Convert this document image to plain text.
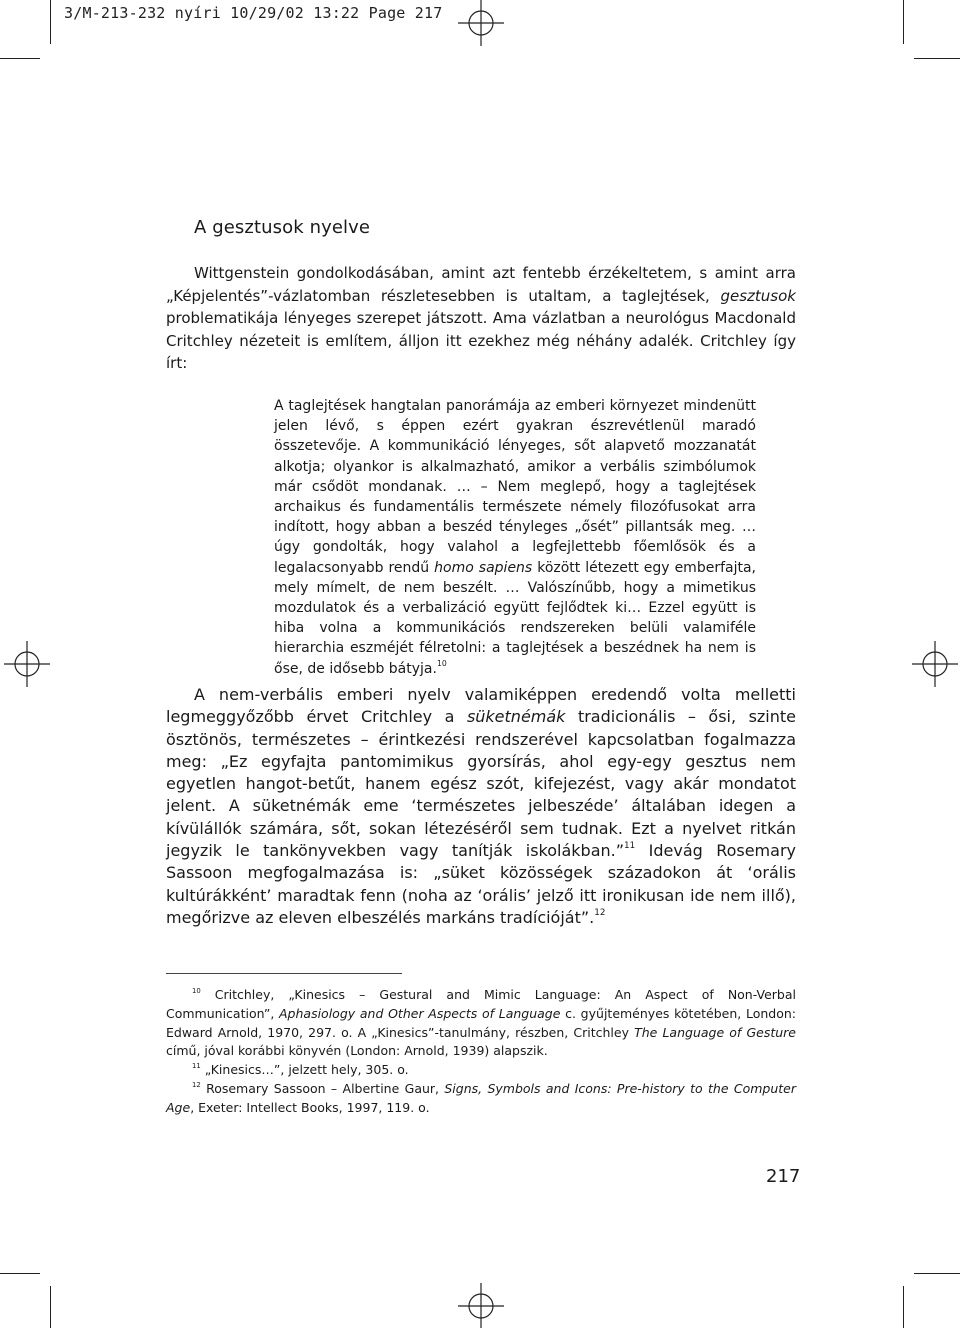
3/M-213-232 nyíri 10/29/02 13:22 Page 217
A gesztusok nyelve

Wittgenstein gondolkodásában, amint azt fentebb érzékeltetem, s amint arra „Képjelentés”-vázlatomban részletesebben is utaltam, a taglejtések, gesztusok problematikája lényeges szerepet játszott. Ama vázlatban a neurológus Macdonald Critchley nézeteit is említem, álljon itt ezekhez még néhány adalék. Critchley így írt:

A taglejtések hangtalan panorámája az emberi környezet mindenütt jelen lévő, s éppen ezért gyakran észrevétlenül maradó összetevője. A kommunikáció lényeges, sőt alapvető mozzanatát alkotja; olyankor is alkalmazható, amikor a verbális szimbólumok már csődöt mondanak. … – Nem meglepő, hogy a taglejtések archaikus és fundamentális természete némely filozófusokat arra indított, hogy abban a beszéd tényleges „ősét” pillantsák meg. … úgy gondolták, hogy valahol a legfejlettebb főemlősök és a legalacsonyabb rendű homo sapiens között létezett egy emberfajta, mely mímelt, de nem beszélt. … Valószínűbb, hogy a mimetikus mozdulatok és a verbalizáció együtt fejlődtek ki… Ezzel együtt is hiba volna a kommunikációs rendszereken belüli valamiféle hierarchia eszméjét félretolni: a taglejtések a beszédnek ha nem is őse, de idősebb bátyja.$^{10}$

A nem-verbális emberi nyelv valamiképpen eredendő volta melletti legmeggyőzőbb érvet Critchley a süketnémák tradicionális – ősi, szinte ösztönös, természetes – érintkezési rendszerével kapcsolatban fogalmazza meg: „Ez egyfajta pantomimikus gyorsírás, ahol egy-egy gesztus nem egyetlen hangot-betűt, hanem egész szót, kifejezést, vagy akár mondatot jelent. A süketnémák eme ‘természetes jelbeszéde’ általában idegen a kívülállók számára, sőt, sokan létezéséről sem tudnak. Ezt a nyelvet ritkán jegyzik le tankönyvekben vagy tanítják iskolákban.”$^{11}$ Idevág Rosemary Sassoon megfogalmazása is: „süket közösségek századokon át ‘orális kultúrákként’ maradtak fenn (noha az ‘orális’ jelző itt ironikusan ide nem illő), megőrizve az eleven elbeszélés markáns tradícióját”.$^{12}$

$^{10}$ Critchley, „Kinesics – Gestural and Mimic Language: An Aspect of Non-Verbal Communication”, Aphasiology and Other Aspects of Language c. gyűjteményes kötetében, London: Edward Arnold, 1970, 297. o. A „Kinesics”-tanulmány, részben, Critchley The Language of Gesture című, jóval korábbi könyvén (London: Arnold, 1939) alapszik.

$^{11}$ „Kinesics…”, jelzett hely, 305. o.

$^{12}$ Rosemary Sassoon – Albertine Gaur, Signs, Symbols and Icons: Pre-history to the Computer Age, Exeter: Intellect Books, 1997, 119. o.

217
